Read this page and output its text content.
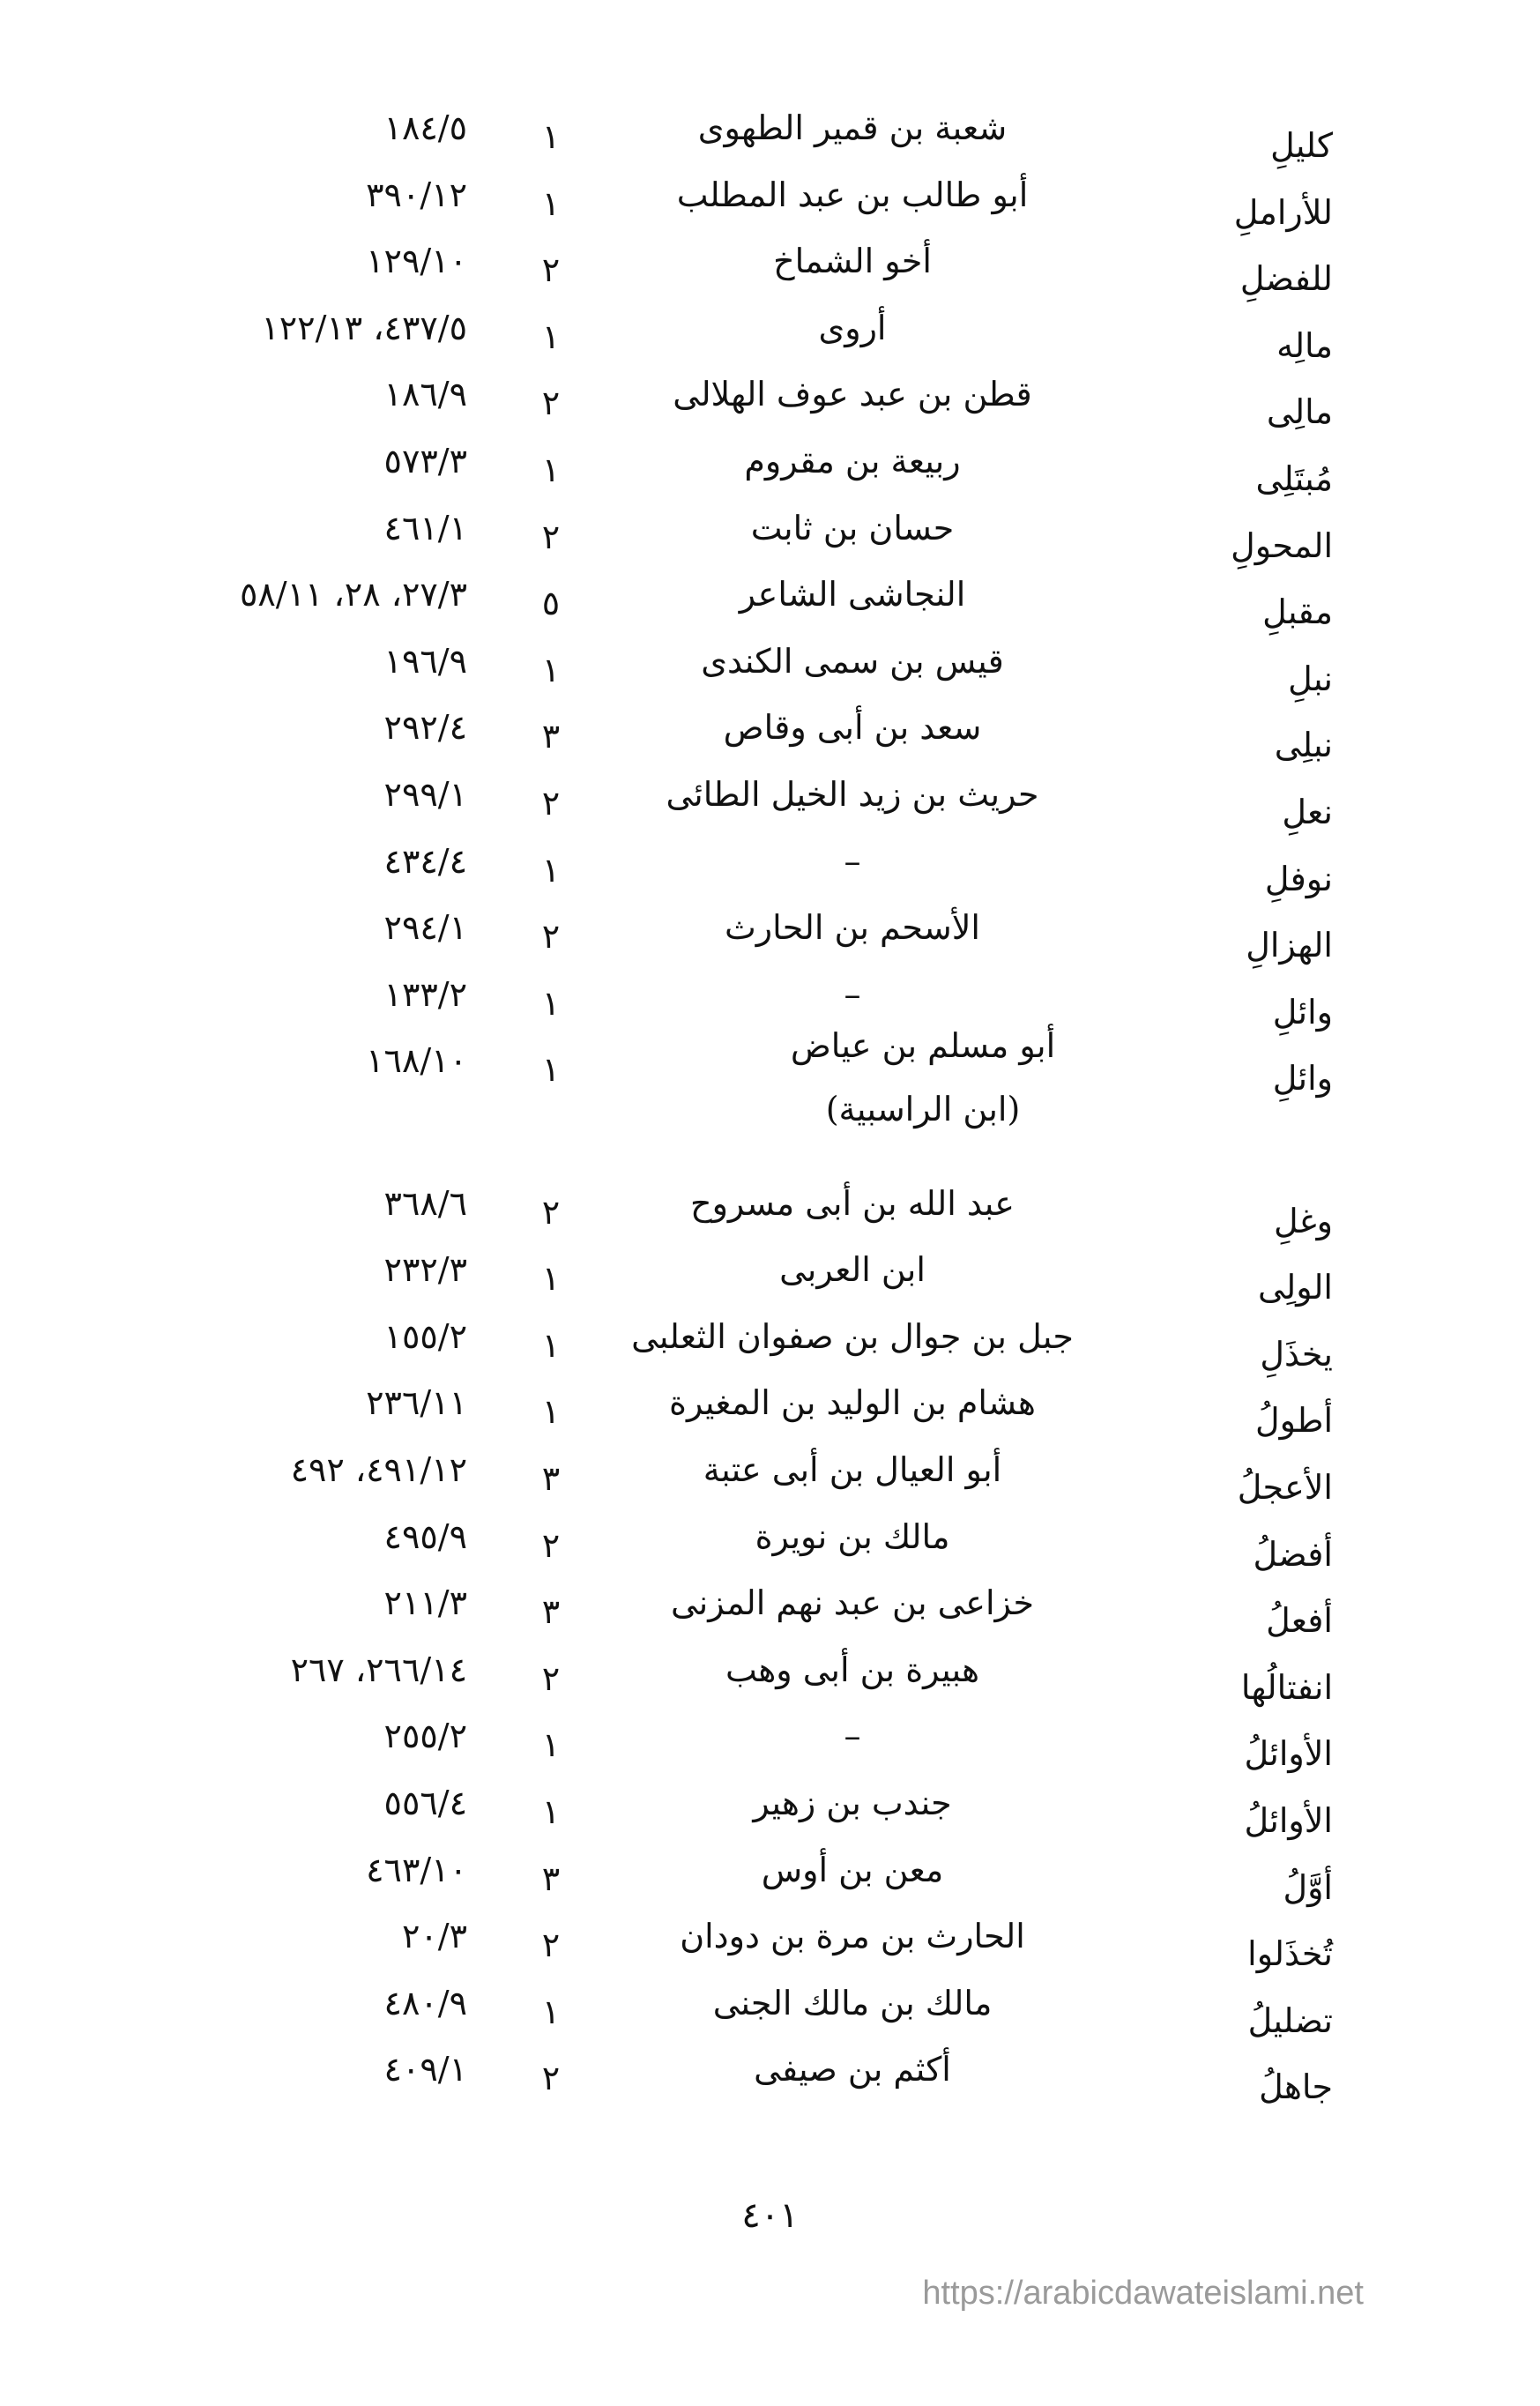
كليلِ
شعبة بن قمير الطهوى
١
١٨٤/٥
للأراملِ
أبو طالب بن عبد المطلب
١
٣٩٠/١٢
للفضلِ
أخو الشماخ
٢
١٢٩/١٠
مالِه
أروى
١
٤٣٧/٥، ١٢٢/١٣
مالِى
قطن بن عبد عوف الهلالى
٢
١٨٦/٩
مُبتَلِى
ربيعة بن مقروم
١
٥٧٣/٣
المحولِ
حسان بن ثابت
٢
٤٦١/١
مقبلِ
النجاشى الشاعر
٥
٢٧/٣، ٢٨، ٥٨/١١
نبلِ
قيس بن سمى الكندى
١
١٩٦/٩
نبلِى
سعد بن أبى وقاص
٣
٢٩٢/٤
نعلِ
حريث بن زيد الخيل الطائى
٢
٢٩٩/١
نوفلِ
–
١
٤٣٤/٤
الهزالِ
الأسحم بن الحارث
٢
٢٩٤/١
وائلِ
–
١
١٣٣/٢
وائلِ
أبو مسلم بن عياض (ابن الراسبية)
١
١٦٨/١٠
وغلِ
عبد الله بن أبى مسروح
٢
٣٦٨/٦
الولِى
ابن العربى
١
٢٣٢/٣
يخذَلِ
جبل بن جوال بن صفوان الثعلبى
١
١٥٥/٢
أطولُ
هشام بن الوليد بن المغيرة
١
٢٣٦/١١
الأعجلُ
أبو العيال بن أبى عتبة
٣
٤٩١/١٢، ٤٩٢
أفضلُ
مالك بن نويرة
٢
٤٩٥/٩
أفعلُ
خزاعى بن عبد نهم المزنى
٣
٢١١/٣
انفتالُها
هبيرة بن أبى وهب
٢
٢٦٦/١٤، ٢٦٧
الأوائلُ
–
١
٢٥٥/٢
الأوائلُ
جندب بن زهير
١
٥٥٦/٤
أوَّلُ
معن بن أوس
٣
٤٦٣/١٠
تُخذَلوا
الحارث بن مرة بن دودان
٢
٢٠/٣
تضليلُ
مالك بن مالك الجنى
١
٤٨٠/٩
جاهلُ
أكثم بن صيفى
٢
٤٠٩/١
٤٠١
https://arabicdawateislami.net
